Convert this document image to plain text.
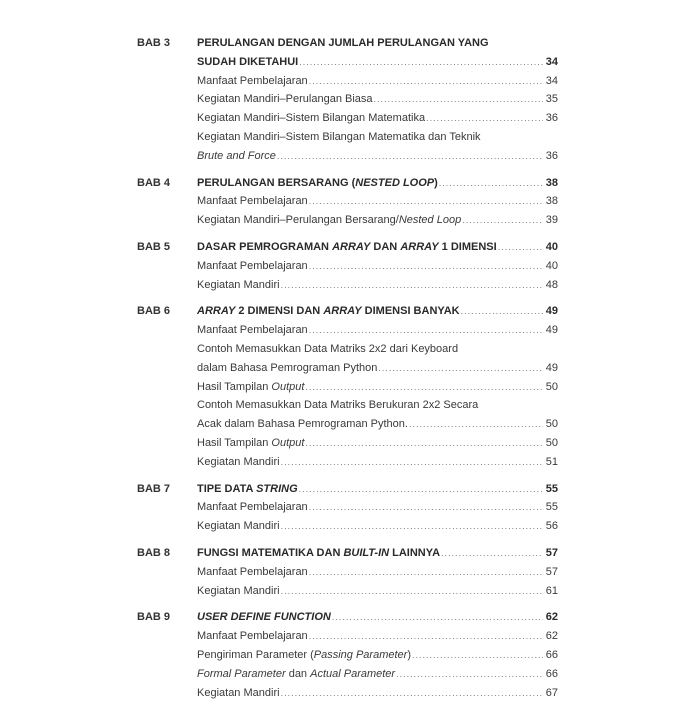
BAB 3	PERULANGAN DENGAN JUMLAH PERULANGAN YANG
SUDAH DIKETAHUI .....	34
Manfaat Pembelajaran .....	34
Kegiatan Mandiri–Perulangan Biasa .....	35
Kegiatan Mandiri–Sistem Bilangan Matematika .....	36
Kegiatan Mandiri–Sistem Bilangan Matematika dan Teknik
Brute and Force .....	36
BAB 4	PERULANGAN BERSARANG (NESTED LOOP) .....	38
Manfaat Pembelajaran .....	38
Kegiatan Mandiri–Perulangan Bersarang/Nested Loop .....	39
BAB 5	DASAR PEMROGRAMAN ARRAY DAN ARRAY 1 DIMENSI .....	40
Manfaat Pembelajaran .....	40
Kegiatan Mandiri .....	48
BAB 6	ARRAY 2 DIMENSI DAN ARRAY DIMENSI BANYAK .....	49
Manfaat Pembelajaran .....	49
Contoh Memasukkan Data Matriks 2x2 dari Keyboard
dalam Bahasa Pemrograman Python .....	49
Hasil Tampilan Output .....	50
Contoh Memasukkan Data Matriks Berukuran 2x2 Secara
Acak dalam Bahasa Pemrograman Python. .....	50
Hasil Tampilan Output .....	50
Kegiatan Mandiri .....	51
BAB 7	TIPE DATA STRING .....	55
Manfaat Pembelajaran .....	55
Kegiatan Mandiri .....	56
BAB 8	FUNGSI MATEMATIKA DAN BUILT-IN LAINNYA .....	57
Manfaat Pembelajaran .....	57
Kegiatan Mandiri .....	61
BAB 9	USER DEFINE FUNCTION .....	62
Manfaat Pembelajaran .....	62
Pengiriman Parameter (Passing Parameter) .....	66
Formal Parameter dan Actual Parameter .....	66
Kegiatan Mandiri .....	67
